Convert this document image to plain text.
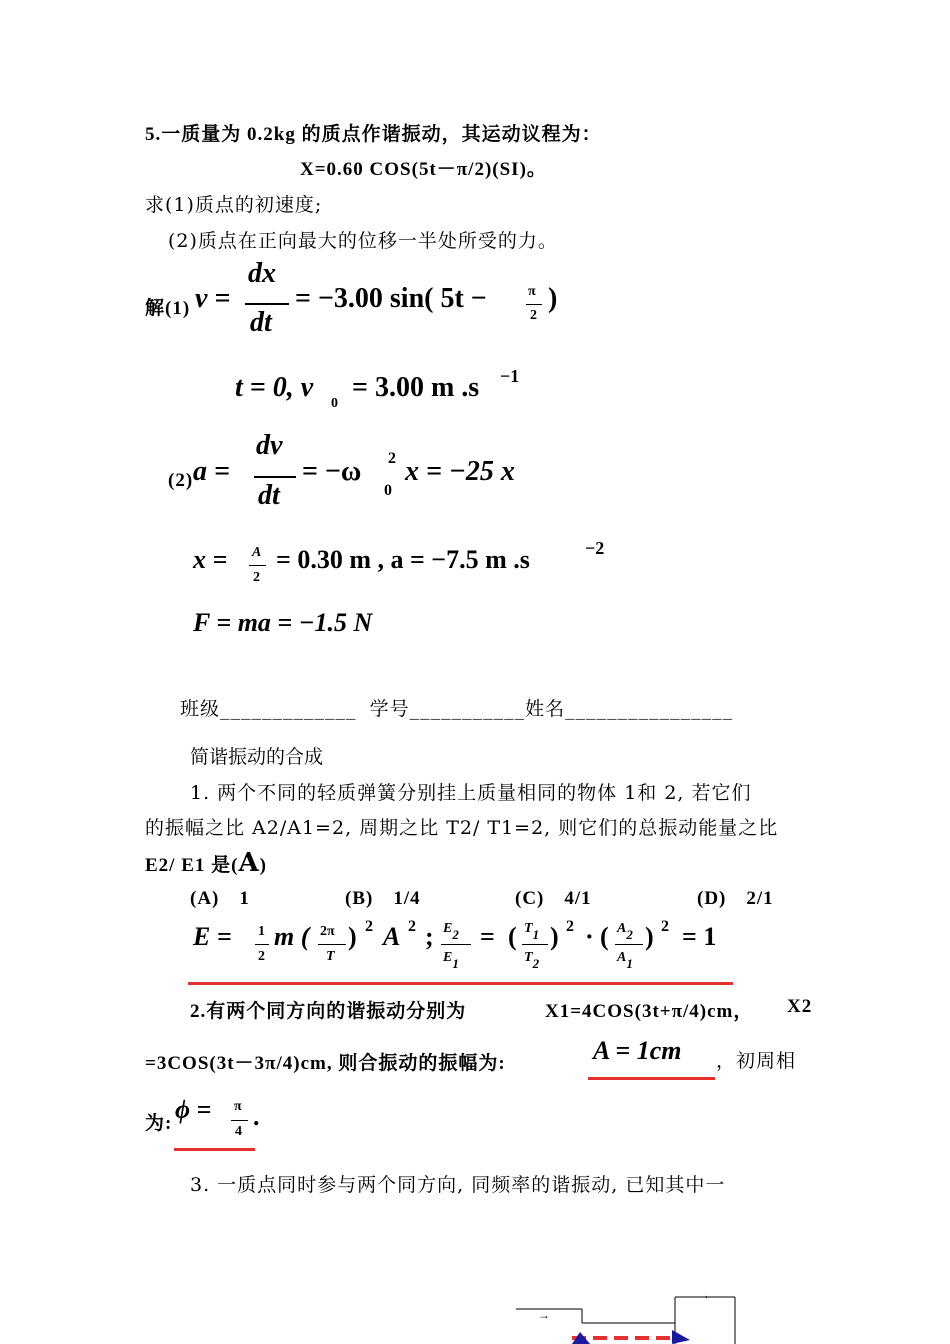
5.一质量为 0.2kg 的质点作谐振动，其运动议程为：
X=0.60 COS(5t－π/2)(SI)。
求(1)质点的初速度;
(2)质点在正向最大的位移一半处所受的力。
解(1) v =
dx
dt
= −3.00 sin( 5t −	π
2
)
t = 0, v
0
= 3.00 m .s −1
(2) a =
dv
dt
= −ω 2
0
x = −25 x
x = A
2
= 0.30 m , a = −7.5 m .s	−2
F = ma = −1.5 N
班级_____________ 学号___________姓名________________
简谐振动的合成
1. 两个不同的轻质弹簧分别挂上质量相同的物体 1和 2, 若它们
的振幅之比 A2/A1=2, 周期之比 T2/ T1=2, 则它们的总振动能量之比
E2/ E1 是(A)
(A)　1	(B)　1/4	(C)　4/1	(D)　2/1
E = 1
2
m ( 2π
T
) 2 A 2 ; E2
E1
= ( T1
T2
) 2 · ( A2
A1
) 2 = 1
2.有两个同方向的谐振动分别为	X1=4COS(3t+π/4)cm， X2
=3COS(3t－3π/4)cm, 则合振动的振幅为:	A = 1cm ，初周相
为: ϕ = π
4
.
3. 一质点同时参与两个同方向, 同频率的谐振动, 已知其中一
→
→
